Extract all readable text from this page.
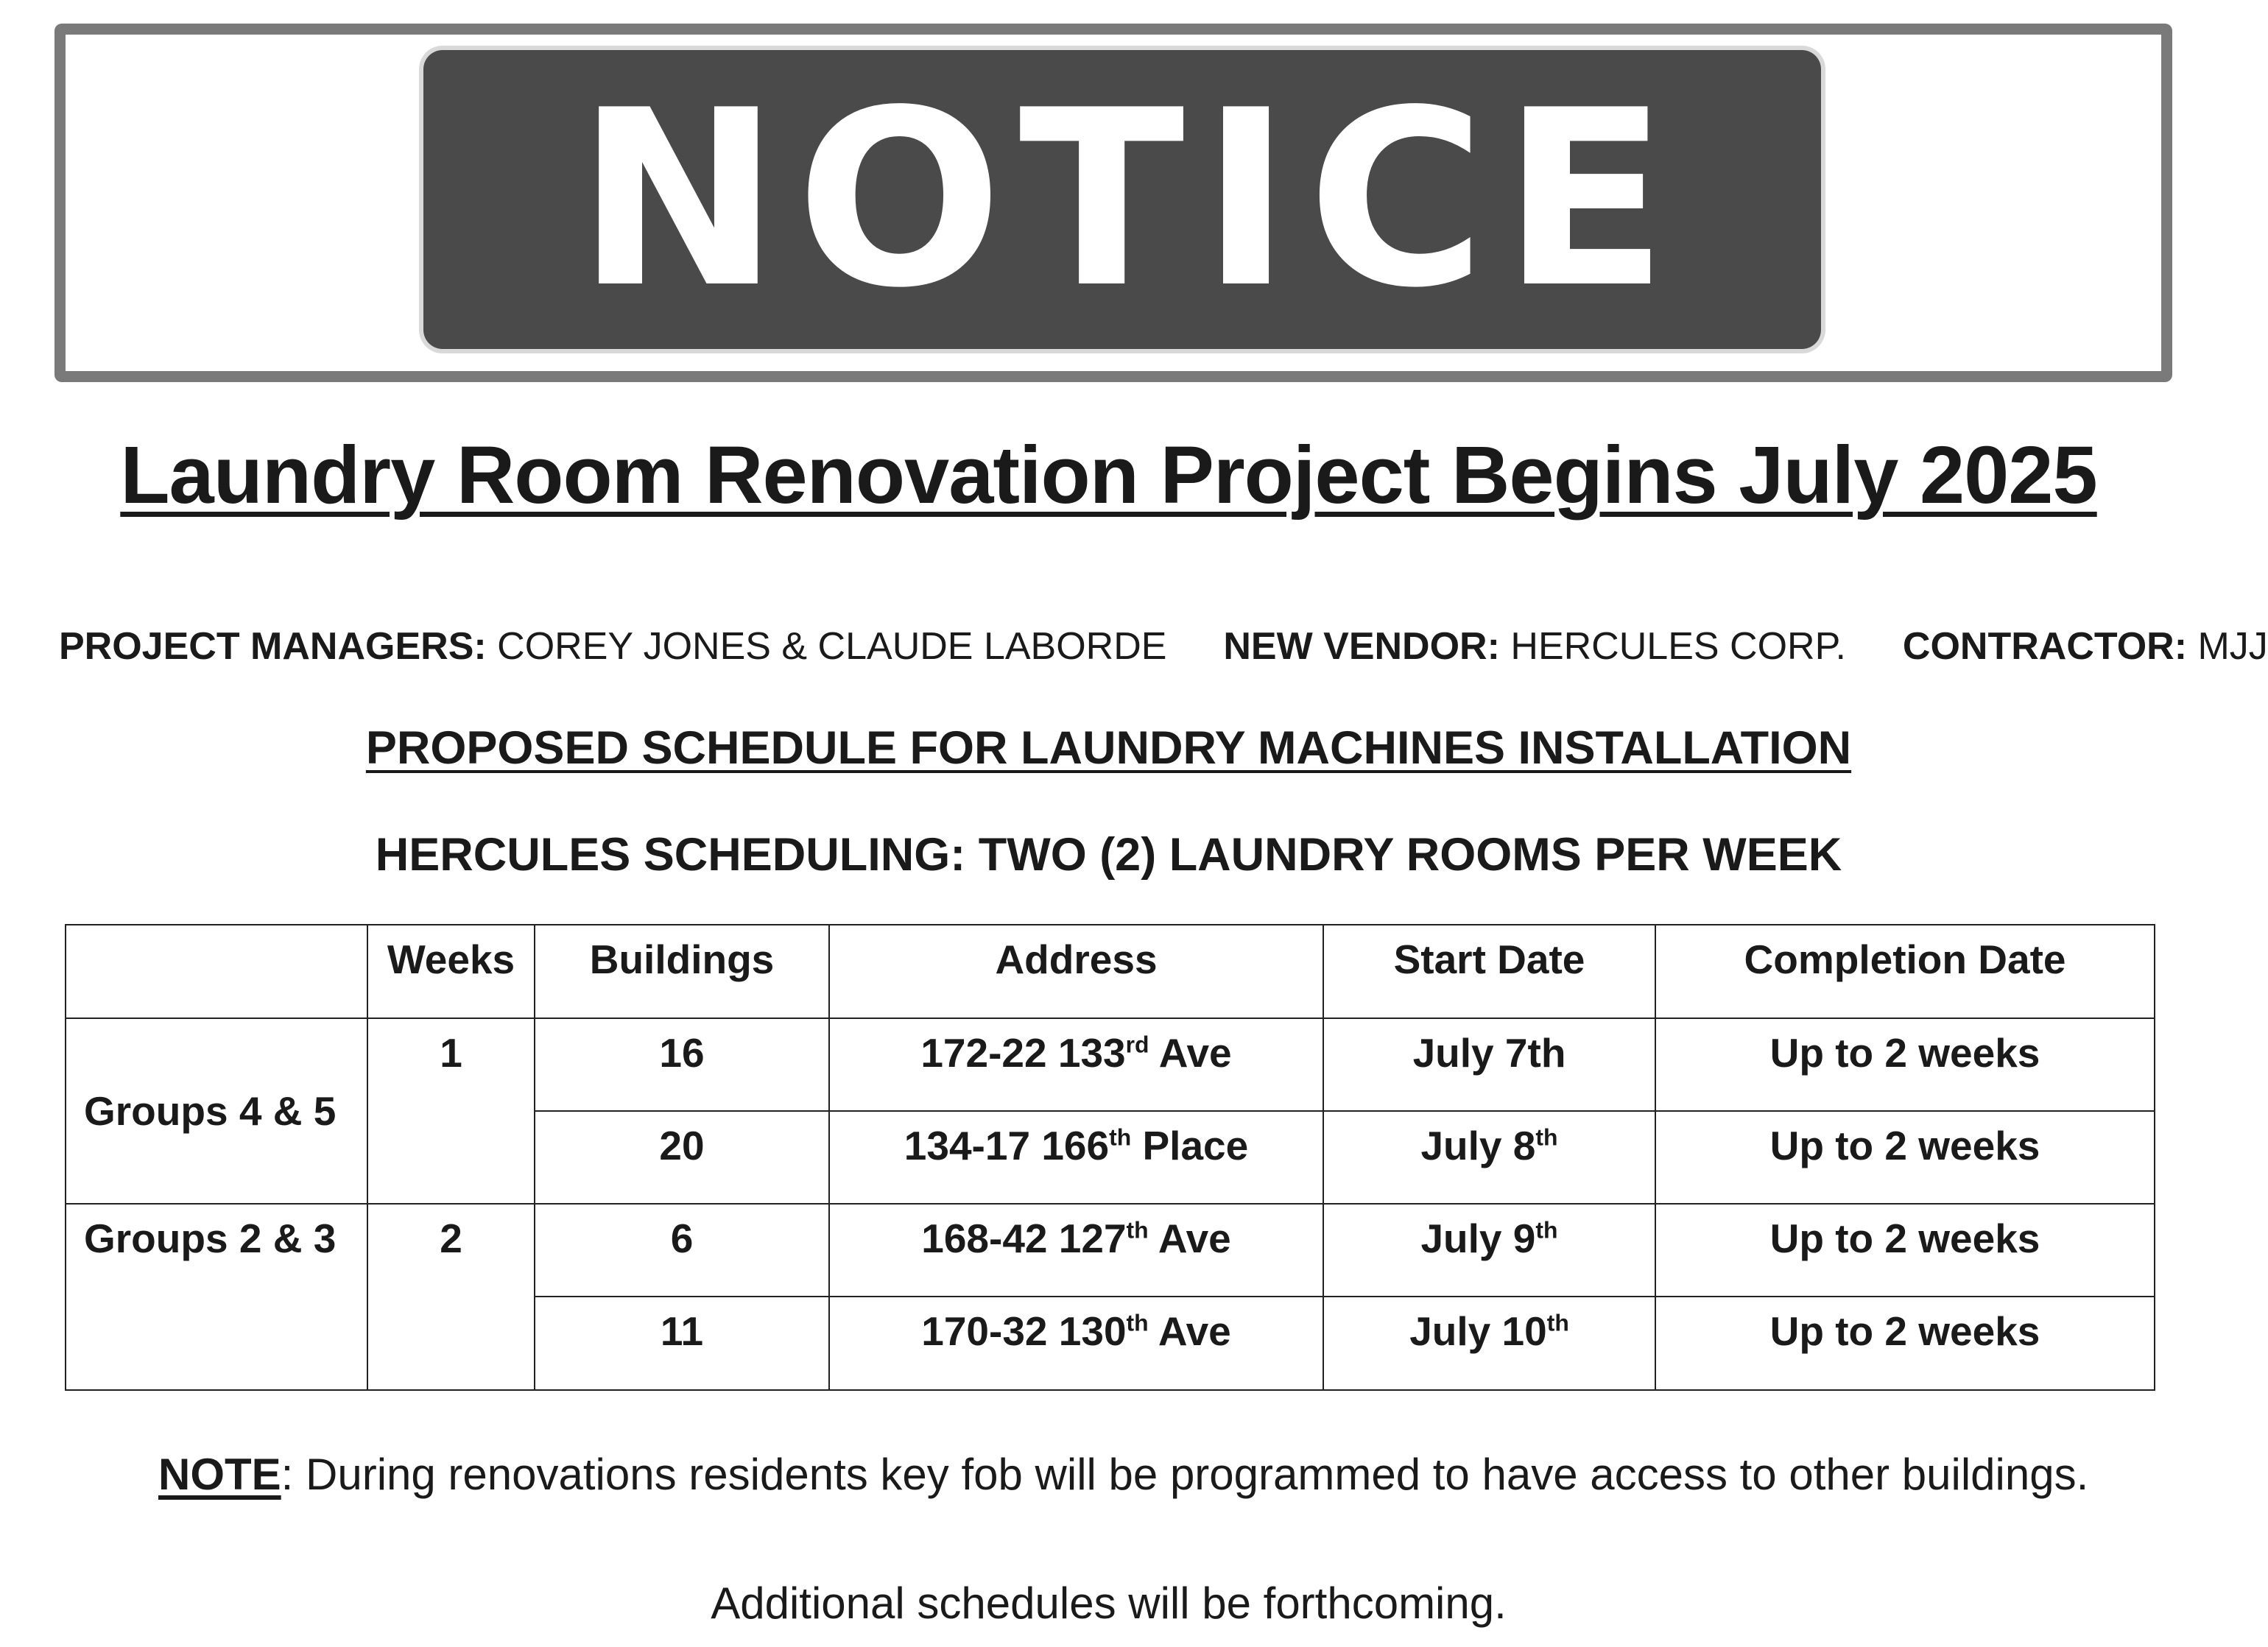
NOTICE
Laundry Room Renovation Project Begins July 2025
PROJECT MANAGERS: COREY JONES & CLAUDE LABORDE NEW VENDOR: HERCULES CORP. CONTRACTOR: MJJ
PROPOSED SCHEDULE FOR LAUNDRY MACHINES INSTALLATION
HERCULES SCHEDULING: TWO (2) LAUNDRY ROOMS PER WEEK
	Weeks	Buildings	Address	Start Date	Completion Date
Groups 4 & 5	1	16	172-22 133rd Ave	July 7th	Up to 2 weeks
		20	134-17 166th Place	July 8th	Up to 2 weeks
Groups 2 & 3	2	6	168-42 127th Ave	July 9th	Up to 2 weeks
		11	170-32 130th Ave	July 10th	Up to 2 weeks
NOTE: During renovations residents key fob will be programmed to have access to other buildings.
Additional schedules will be forthcoming.
